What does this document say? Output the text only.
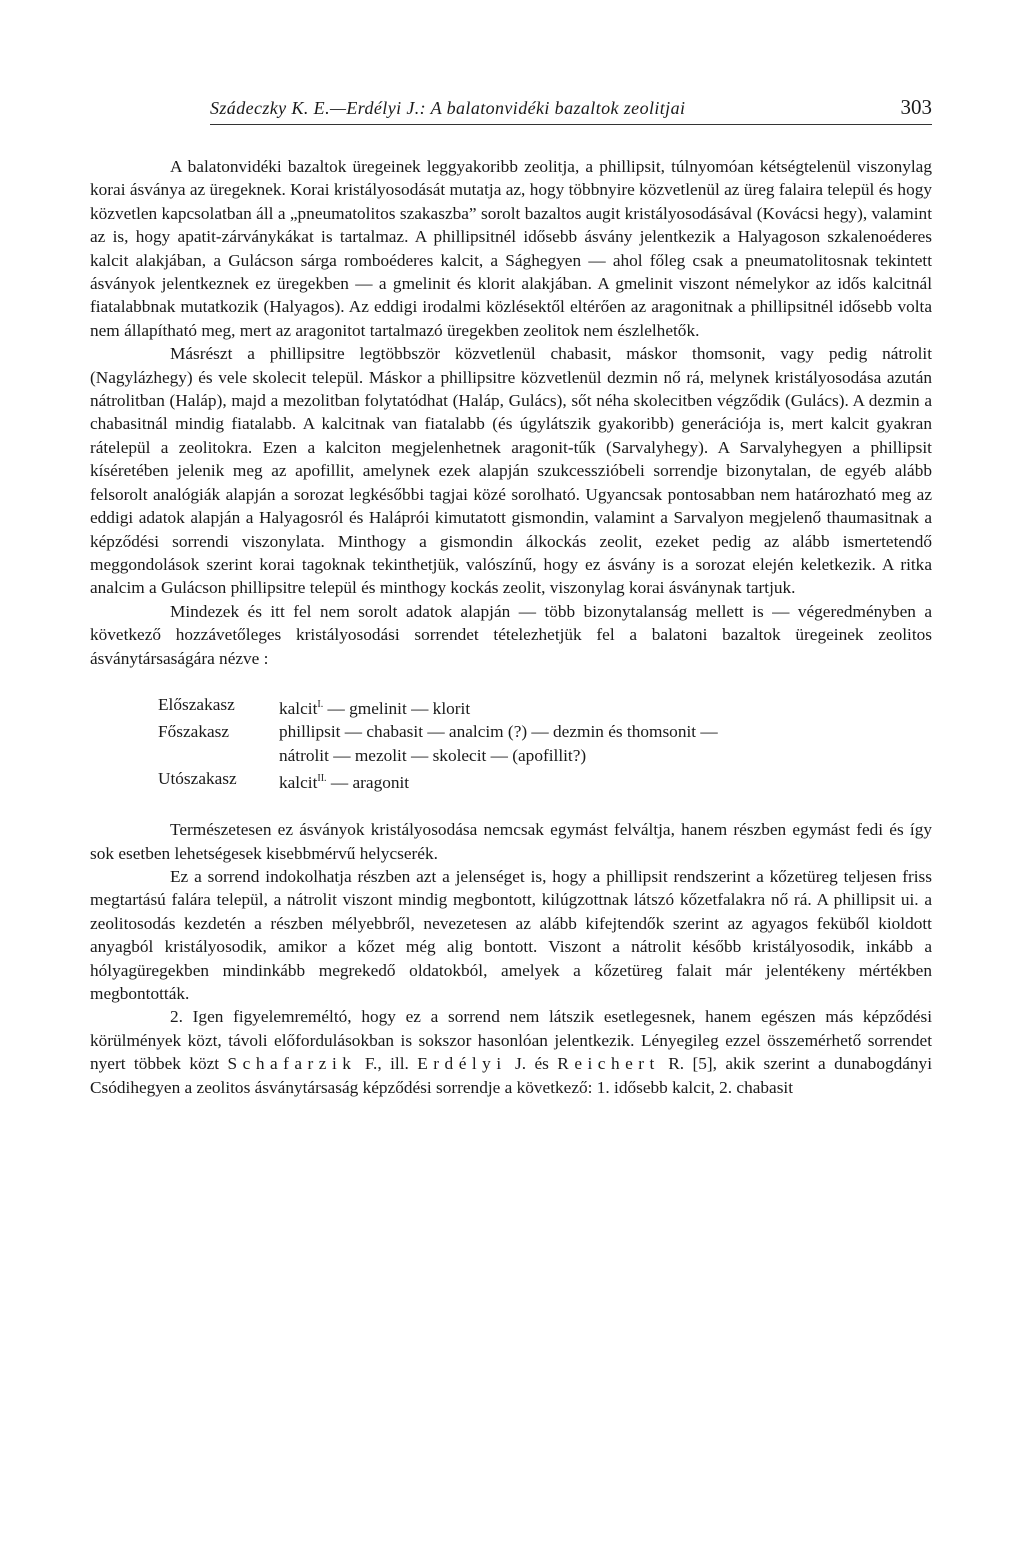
Szádeczky K. E.—Erdélyi J.: A balatonvidéki bazaltok zeolitjai	303

A balatonvidéki bazaltok üregeinek leggyakoribb zeolitja, a phillipsit, túlnyomóan kétségtelenül viszonylag korai ásványa az üregeknek. Korai kristályosodását mutatja az, hogy többnyire közvetlenül az üreg falaira települ és hogy közvetlen kapcsolatban áll a „pneumatolitos szakaszba” sorolt bazaltos augit kristályosodásával (Kovácsi hegy), valamint az is, hogy apatit-zárványkákat is tartalmaz. A phillipsitnél idősebb ásvány jelentkezik a Halyagoson szkalenoéderes kalcit alakjában, a Gulácson sárga romboéderes kalcit, a Sághegyen — ahol főleg csak a pneumatolitosnak tekintett ásványok jelentkeznek ez üregekben — a gmelinit és klorit alakjában. A gmelinit viszont némelykor az idős kalcitnál fiatalabbnak mutatkozik (Halyagos). Az eddigi irodalmi közlésektől eltérően az aragonitnak a phillipsitnél idősebb volta nem állapítható meg, mert az aragonitot tartalmazó üregekben zeolitok nem észlelhetők.

Másrészt a phillipsitre legtöbbször közvetlenül chabasit, máskor thomsonit, vagy pedig nátrolit (Nagylázhegy) és vele skolecit települ. Máskor a phillipsitre közvetlenül dezmin nő rá, melynek kristályosodása azután nátrolitban (Haláp), majd a mezolitban folytatódhat (Haláp, Gulács), sőt néha skolecitben végződik (Gulács). A dezmin a chabasitnál mindig fiatalabb. A kalcitnak van fiatalabb (és úgylátszik gyakoribb) generációja is, mert kalcit gyakran rátelepül a zeolitokra. Ezen a kalciton megjelenhetnek aragonit-tűk (Sarvalyhegy). A Sarvalyhegyen a phillipsit kíséretében jelenik meg az apofillit, amelynek ezek alapján szukcesszióbeli sorrendje bizonytalan, de egyéb alább felsorolt analógiák alapján a sorozat legkésőbbi tagjai közé sorolható. Ugyancsak pontosabban nem határozható meg az eddigi adatok alapján a Halyagosról és Haláprói kimutatott gismondin, valamint a Sarvalyon megjelenő thaumasitnak a képződési sorrendi viszonylata. Minthogy a gismondin álkockás zeolit, ezeket pedig az alább ismertetendő meggondolások szerint korai tagoknak tekinthetjük, valószínű, hogy ez ásvány is a sorozat elején keletkezik. A ritka analcim a Gulácson phillipsitre települ és minthogy kockás zeolit, viszonylag korai ásványnak tartjuk.

Mindezek és itt fel nem sorolt adatok alapján — több bizonytalanság mellett is — végeredményben a következő hozzávetőleges kristályosodási sorrendet tételezhetjük fel a balatoni bazaltok üregeinek zeolitos ásványtársaságára nézve :

Előszakasz	kalcit$^{I.}$ — gmelinit — klorit
Főszakasz	phillipsit — chabasit — analcim (?) — dezmin és thomsonit —
nátrolit — mezolit — skolecit — (apofillit?)
Utószakasz	kalcit$^{II.}$ — aragonit

Természetesen ez ásványok kristályosodása nemcsak egymást felváltja, hanem részben egymást fedi és így sok esetben lehetségesek kisebbmérvű helycserék.

Ez a sorrend indokolhatja részben azt a jelenséget is, hogy a phillipsit rendszerint a kőzetüreg teljesen friss megtartású falára települ, a nátrolit viszont mindig megbontott, kilúgzottnak látszó kőzetfalakra nő rá. A phillipsit ui. a zeolitosodás kezdetén a részben mélyebbről, nevezetesen az alább kifejtendők szerint az agyagos feküből kioldott anyagból kristályosodik, amikor a kőzet még alig bontott. Viszont a nátrolit később kristályosodik, inkább a hólyagüregekben mindinkább megrekedő oldatokból, amelyek a kőzetüreg falait már jelentékeny mértékben megbontották.

2. Igen figyelemreméltó, hogy ez a sorrend nem látszik esetlegesnek, hanem egészen más képződési körülmények közt, távoli előfordulásokban is sokszor hasonlóan jelentkezik. Lényegileg ezzel összemérhető sorrendet nyert többek közt Schafarzik F., ill. Erdélyi J. és Reichert R. [5], akik szerint a dunabogdányi Csódihegyen a zeolitos ásványtársaság képződési sorrendje a következő: 1. idősebb kalcit, 2. chabasit
